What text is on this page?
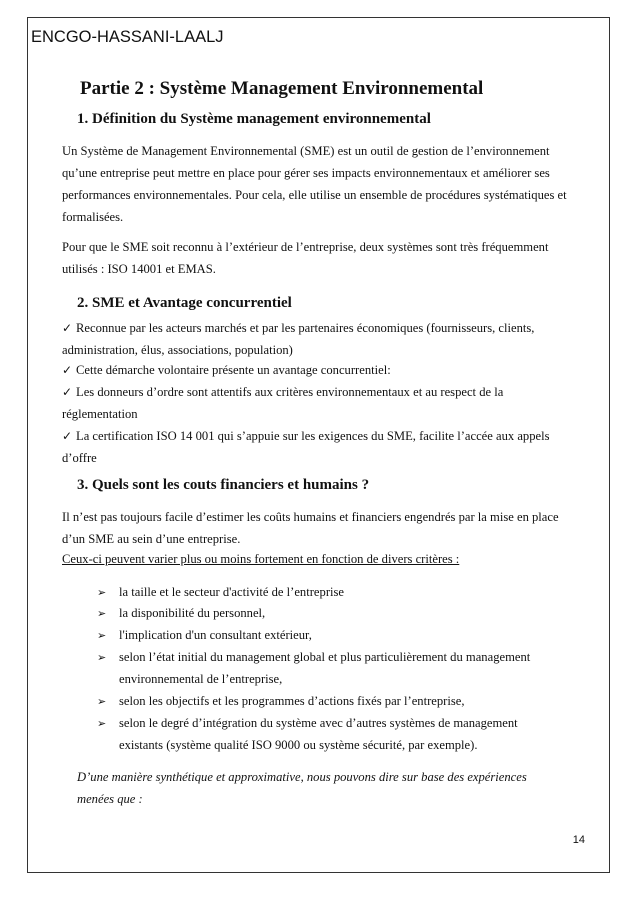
ENCGO-HASSANI-LAALJ
Partie 2 : Système Management Environnemental
1. Définition du Système management environnemental
Un Système de Management Environnemental (SME) est un outil de gestion de l’environnement
qu’une entreprise peut mettre en place pour gérer ses impacts environnementaux et améliorer ses
performances environnementales. Pour cela, elle utilise un ensemble de procédures systématiques et
formalisées.
Pour que le SME soit reconnu à l’extérieur de l’entreprise, deux systèmes sont très fréquemment
utilisés : ISO 14001 et EMAS.
2. SME et Avantage concurrentiel
✓ Reconnue par les acteurs marchés et par les partenaires économiques (fournisseurs, clients,
administration, élus, associations, population)
✓ Cette démarche volontaire présente un avantage concurrentiel:
✓ Les donneurs d’ordre sont attentifs aux critères environnementaux et au respect de la
réglementation
✓ La certification ISO 14 001 qui s’appuie sur les exigences du SME, facilite l’accée aux appels
d’offre
3. Quels sont les couts financiers et humains ?
Il n’est pas toujours facile d’estimer les coûts humains et financiers engendrés par la mise en place
d’un SME au sein d’une entreprise.
Ceux-ci peuvent varier plus ou moins fortement en fonction de divers critères :
➢ la taille et le secteur d'activité de l’entreprise
➢ la disponibilité du personnel,
➢ l'implication d'un consultant extérieur,
➢ selon l’état initial du management global et plus particulièrement du management
environnemental de l’entreprise,
➢ selon les objectifs et les programmes d’actions fixés par l’entreprise,
➢ selon le degré d’intégration du système avec d’autres systèmes de management
existants (système qualité ISO 9000 ou système sécurité, par exemple).
D’une manière synthétique et approximative, nous pouvons dire sur base des expériences
menées que :
14
